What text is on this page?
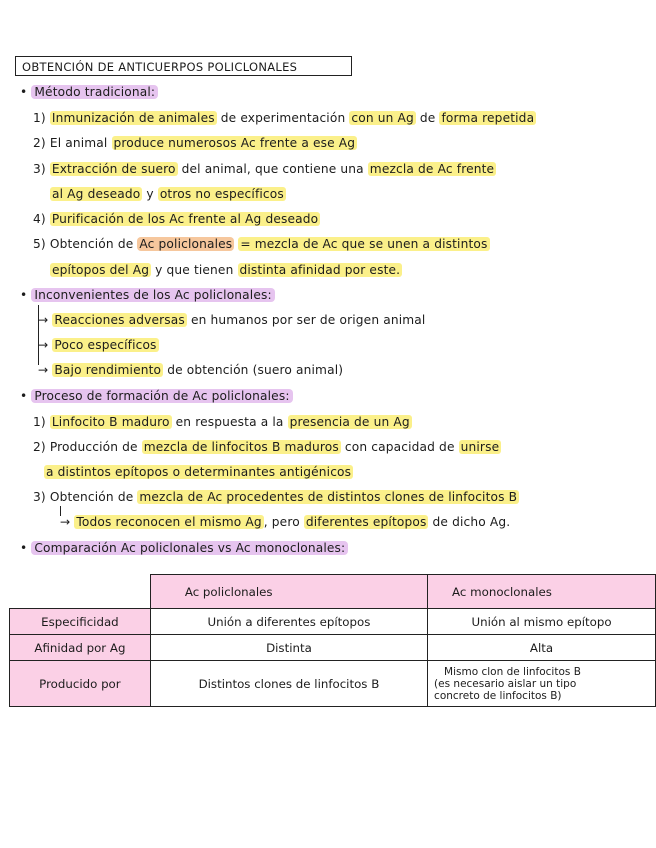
OBTENCIÓN DE ANTICUERPOS POLICLONALES
• Método tradicional:
1) Inmunización de animales de experimentación con un Ag de forma repetida
2) El animal produce numerosos Ac frente a ese Ag
3) Extracción de suero del animal, que contiene una mezcla de Ac frente
al Ag deseado y otros no específicos
4) Purificación de los Ac frente al Ag deseado
5) Obtención de Ac policlonales = mezcla de Ac que se unen a distintos
epítopos del Ag y que tienen distinta afinidad por este.
• Inconvenientes de los Ac policlonales:
→ Reacciones adversas en humanos por ser de origen animal
→ Poco específicos
→ Bajo rendimiento de obtención (suero animal)
• Proceso de formación de Ac policlonales:
1) Linfocito B maduro en respuesta a la presencia de un Ag
2) Producción de mezcla de linfocitos B maduros con capacidad de unirse
a distintos epítopos o determinantes antigénicos
3) Obtención de mezcla de Ac procedentes de distintos clones de linfocitos B
→ Todos reconocen el mismo Ag , pero diferentes epítopos de dicho Ag.
• Comparación Ac policlonales vs Ac monoclonales:
	Ac policlonales	Ac monoclonales
Especificidad	Unión a diferentes epítopos	Unión al mismo epítopo
Afinidad por Ag	Distinta	Alta
Producido por	Distintos clones de linfocitos B	Mismo clon de linfocitos B
(es necesario aislar un tipo
concreto de linfocitos B)
